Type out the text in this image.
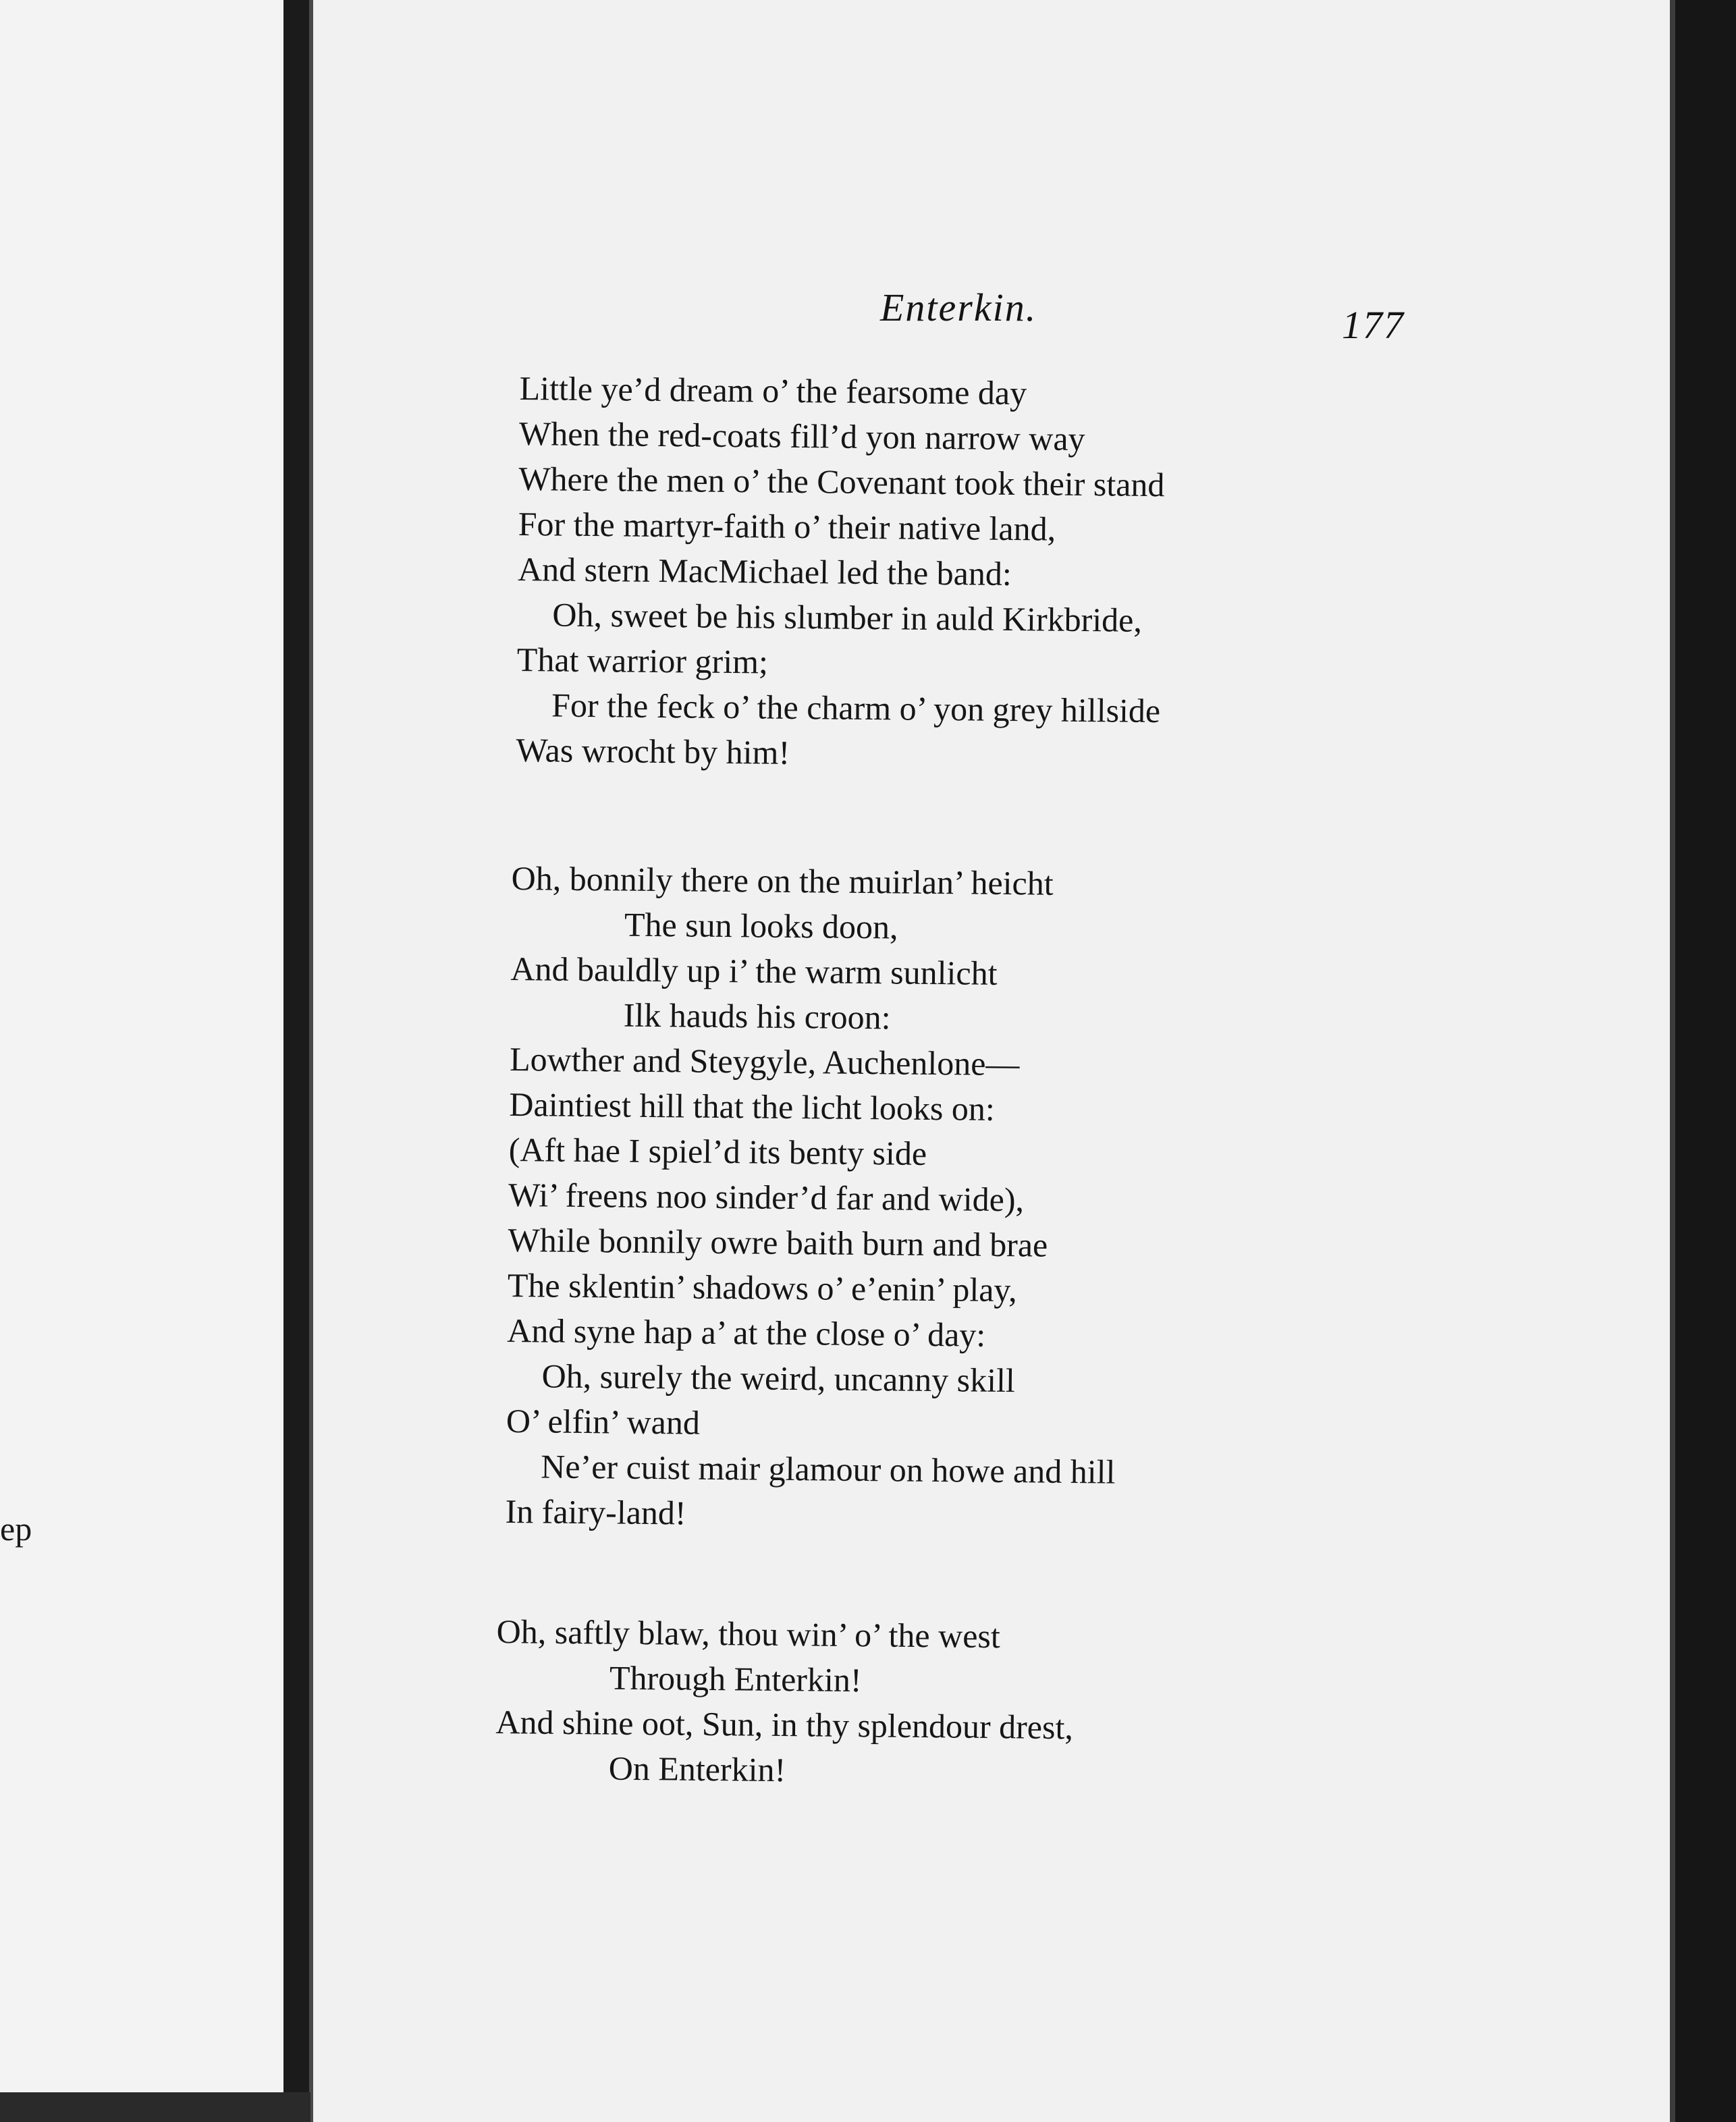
ep
Enterkin.	177
Little ye’d dream o’ the fearsome day
When the red-coats fill’d yon narrow way
Where the men o’ the Covenant took their stand
For the martyr-faith o’ their native land,
And stern MacMichael led the band:
Oh, sweet be his slumber in auld Kirkbride,
That warrior grim;
For the feck o’ the charm o’ yon grey hillside
Was wrocht by him!
Oh, bonnily there on the muirlan’ heicht
The sun looks doon,
And bauldly up i’ the warm sunlicht
Ilk hauds his croon:
Lowther and Steygyle, Auchenlone—
Daintiest hill that the licht looks on:
(Aft hae I spiel’d its benty side
Wi’ freens noo sinder’d far and wide),
While bonnily owre baith burn and brae
The sklentin’ shadows o’ e’enin’ play,
And syne hap a’ at the close o’ day:
Oh, surely the weird, uncanny skill
O’ elfin’ wand
Ne’er cuist mair glamour on howe and hill
In fairy-land!
Oh, saftly blaw, thou win’ o’ the west
Through Enterkin!
And shine oot, Sun, in thy splendour drest,
On Enterkin!
